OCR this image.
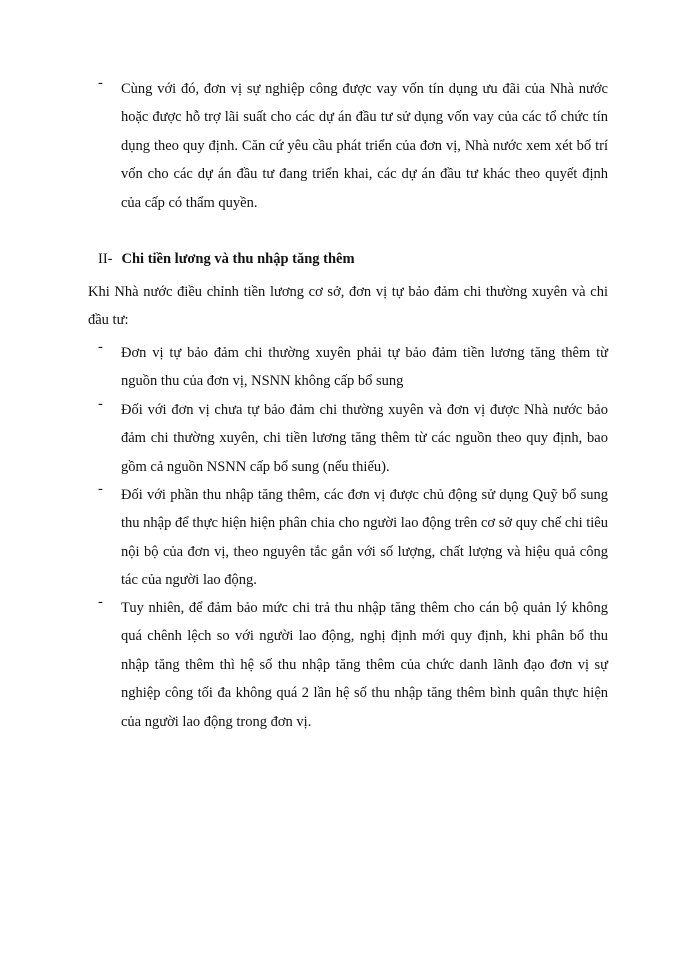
-	Cùng với đó, đơn vị sự nghiệp công được vay vốn tín dụng ưu đãi của Nhà nước hoặc được hỗ trợ lãi suất cho các dự án đầu tư sử dụng vốn vay của các tổ chức tín dụng theo quy định. Căn cứ yêu cầu phát triển của đơn vị, Nhà nước xem xét bố trí vốn cho các dự án đầu tư đang triển khai, các dự án đầu tư khác theo quyết định của cấp có thẩm quyền.
II- Chi tiền lương và thu nhập tăng thêm
Khi Nhà nước điều chỉnh tiền lương cơ sở, đơn vị tự bảo đảm chi thường xuyên và chi đầu tư:
-	Đơn vị tự bảo đảm chi thường xuyên phải tự bảo đảm tiền lương tăng thêm từ nguồn thu của đơn vị, NSNN không cấp bổ sung
-	Đối với đơn vị chưa tự bảo đảm chi thường xuyên và đơn vị được Nhà nước bảo đảm chi thường xuyên, chi tiền lương tăng thêm từ các nguồn theo quy định, bao gồm cả nguồn NSNN cấp bổ sung (nếu thiếu).
-	Đối với phần thu nhập tăng thêm, các đơn vị được chủ động sử dụng Quỹ bổ sung thu nhập để thực hiện hiện phân chia cho người lao động trên cơ sở quy chế chi tiêu nội bộ của đơn vị, theo nguyên tắc gắn với số lượng, chất lượng và hiệu quả công tác của người lao động.
-	Tuy nhiên, để đảm bảo mức chi trả thu nhập tăng thêm cho cán bộ quản lý không quá chênh lệch so với người lao động, nghị định mới quy định, khi phân bổ thu nhập tăng thêm thì hệ số thu nhập tăng thêm của chức danh lãnh đạo đơn vị sự nghiệp công tối đa không quá 2 lần hệ số thu nhập tăng thêm bình quân thực hiện của người lao động trong đơn vị.
